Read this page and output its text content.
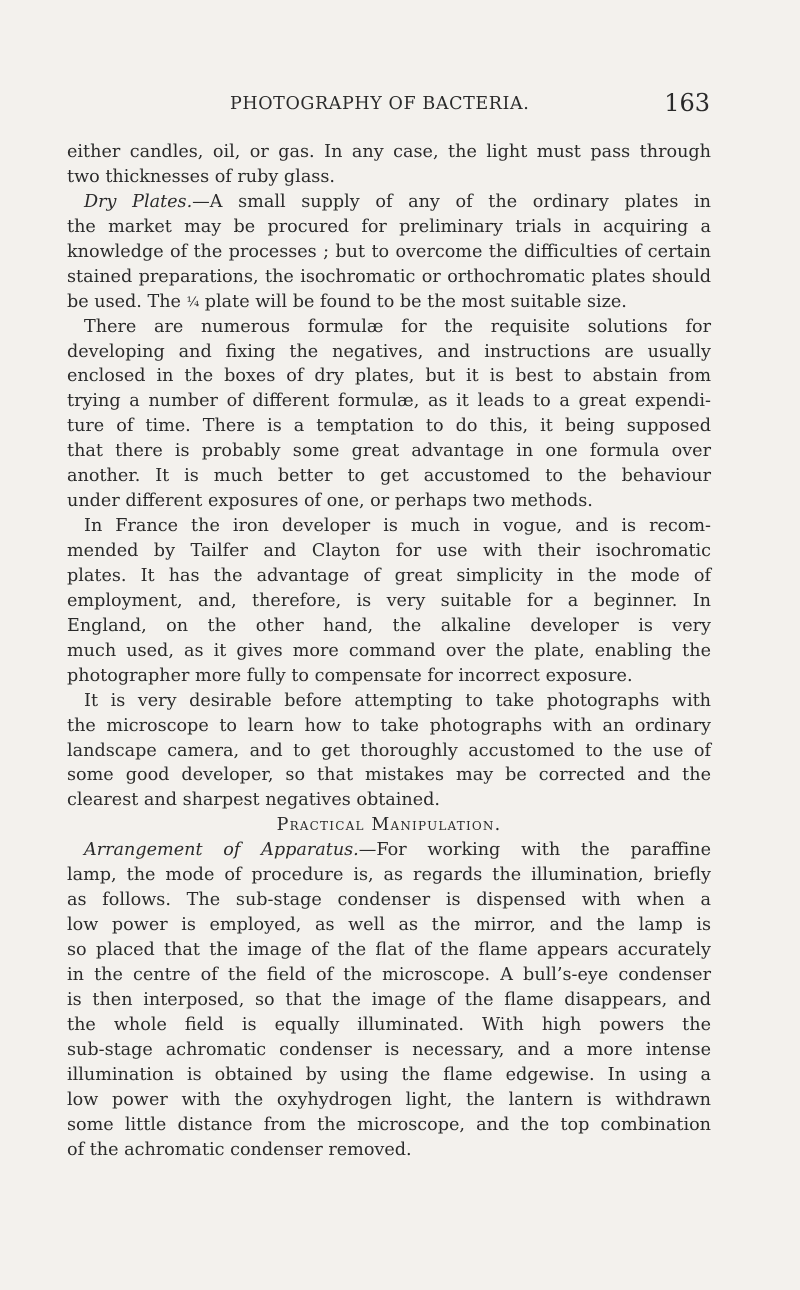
PHOTOGRAPHY OF BACTERIA.	163
either candles, oil, or gas. In any case, the light must pass through
two thicknesses of ruby glass.
Dry Plates.—A small supply of any of the ordinary plates in
the market may be procured for preliminary trials in acquiring a
knowledge of the processes ; but to overcome the difficulties of certain
stained preparations, the isochromatic or orthochromatic plates should
be used. The ¼ plate will be found to be the most suitable size.
There are numerous formulæ for the requisite solutions for
developing and fixing the negatives, and instructions are usually
enclosed in the boxes of dry plates, but it is best to abstain from
trying a number of different formulæ, as it leads to a great expendi-
ture of time. There is a temptation to do this, it being supposed
that there is probably some great advantage in one formula over
another. It is much better to get accustomed to the behaviour
under different exposures of one, or perhaps two methods.
In France the iron developer is much in vogue, and is recom-
mended by Tailfer and Clayton for use with their isochromatic
plates. It has the advantage of great simplicity in the mode of
employment, and, therefore, is very suitable for a beginner. In
England, on the other hand, the alkaline developer is very
much used, as it gives more command over the plate, enabling the
photographer more fully to compensate for incorrect exposure.
It is very desirable before attempting to take photographs with
the microscope to learn how to take photographs with an ordinary
landscape camera, and to get thoroughly accustomed to the use of
some good developer, so that mistakes may be corrected and the
clearest and sharpest negatives obtained.
Practical Manipulation.
Arrangement of Apparatus.—For working with the paraffine
lamp, the mode of procedure is, as regards the illumination, briefly
as follows. The sub-stage condenser is dispensed with when a
low power is employed, as well as the mirror, and the lamp is
so placed that the image of the flat of the flame appears accurately
in the centre of the field of the microscope. A bull’s-eye condenser
is then interposed, so that the image of the flame disappears, and
the whole field is equally illuminated. With high powers the
sub-stage achromatic condenser is necessary, and a more intense
illumination is obtained by using the flame edgewise. In using a
low power with the oxyhydrogen light, the lantern is withdrawn
some little distance from the microscope, and the top combination
of the achromatic condenser removed.
